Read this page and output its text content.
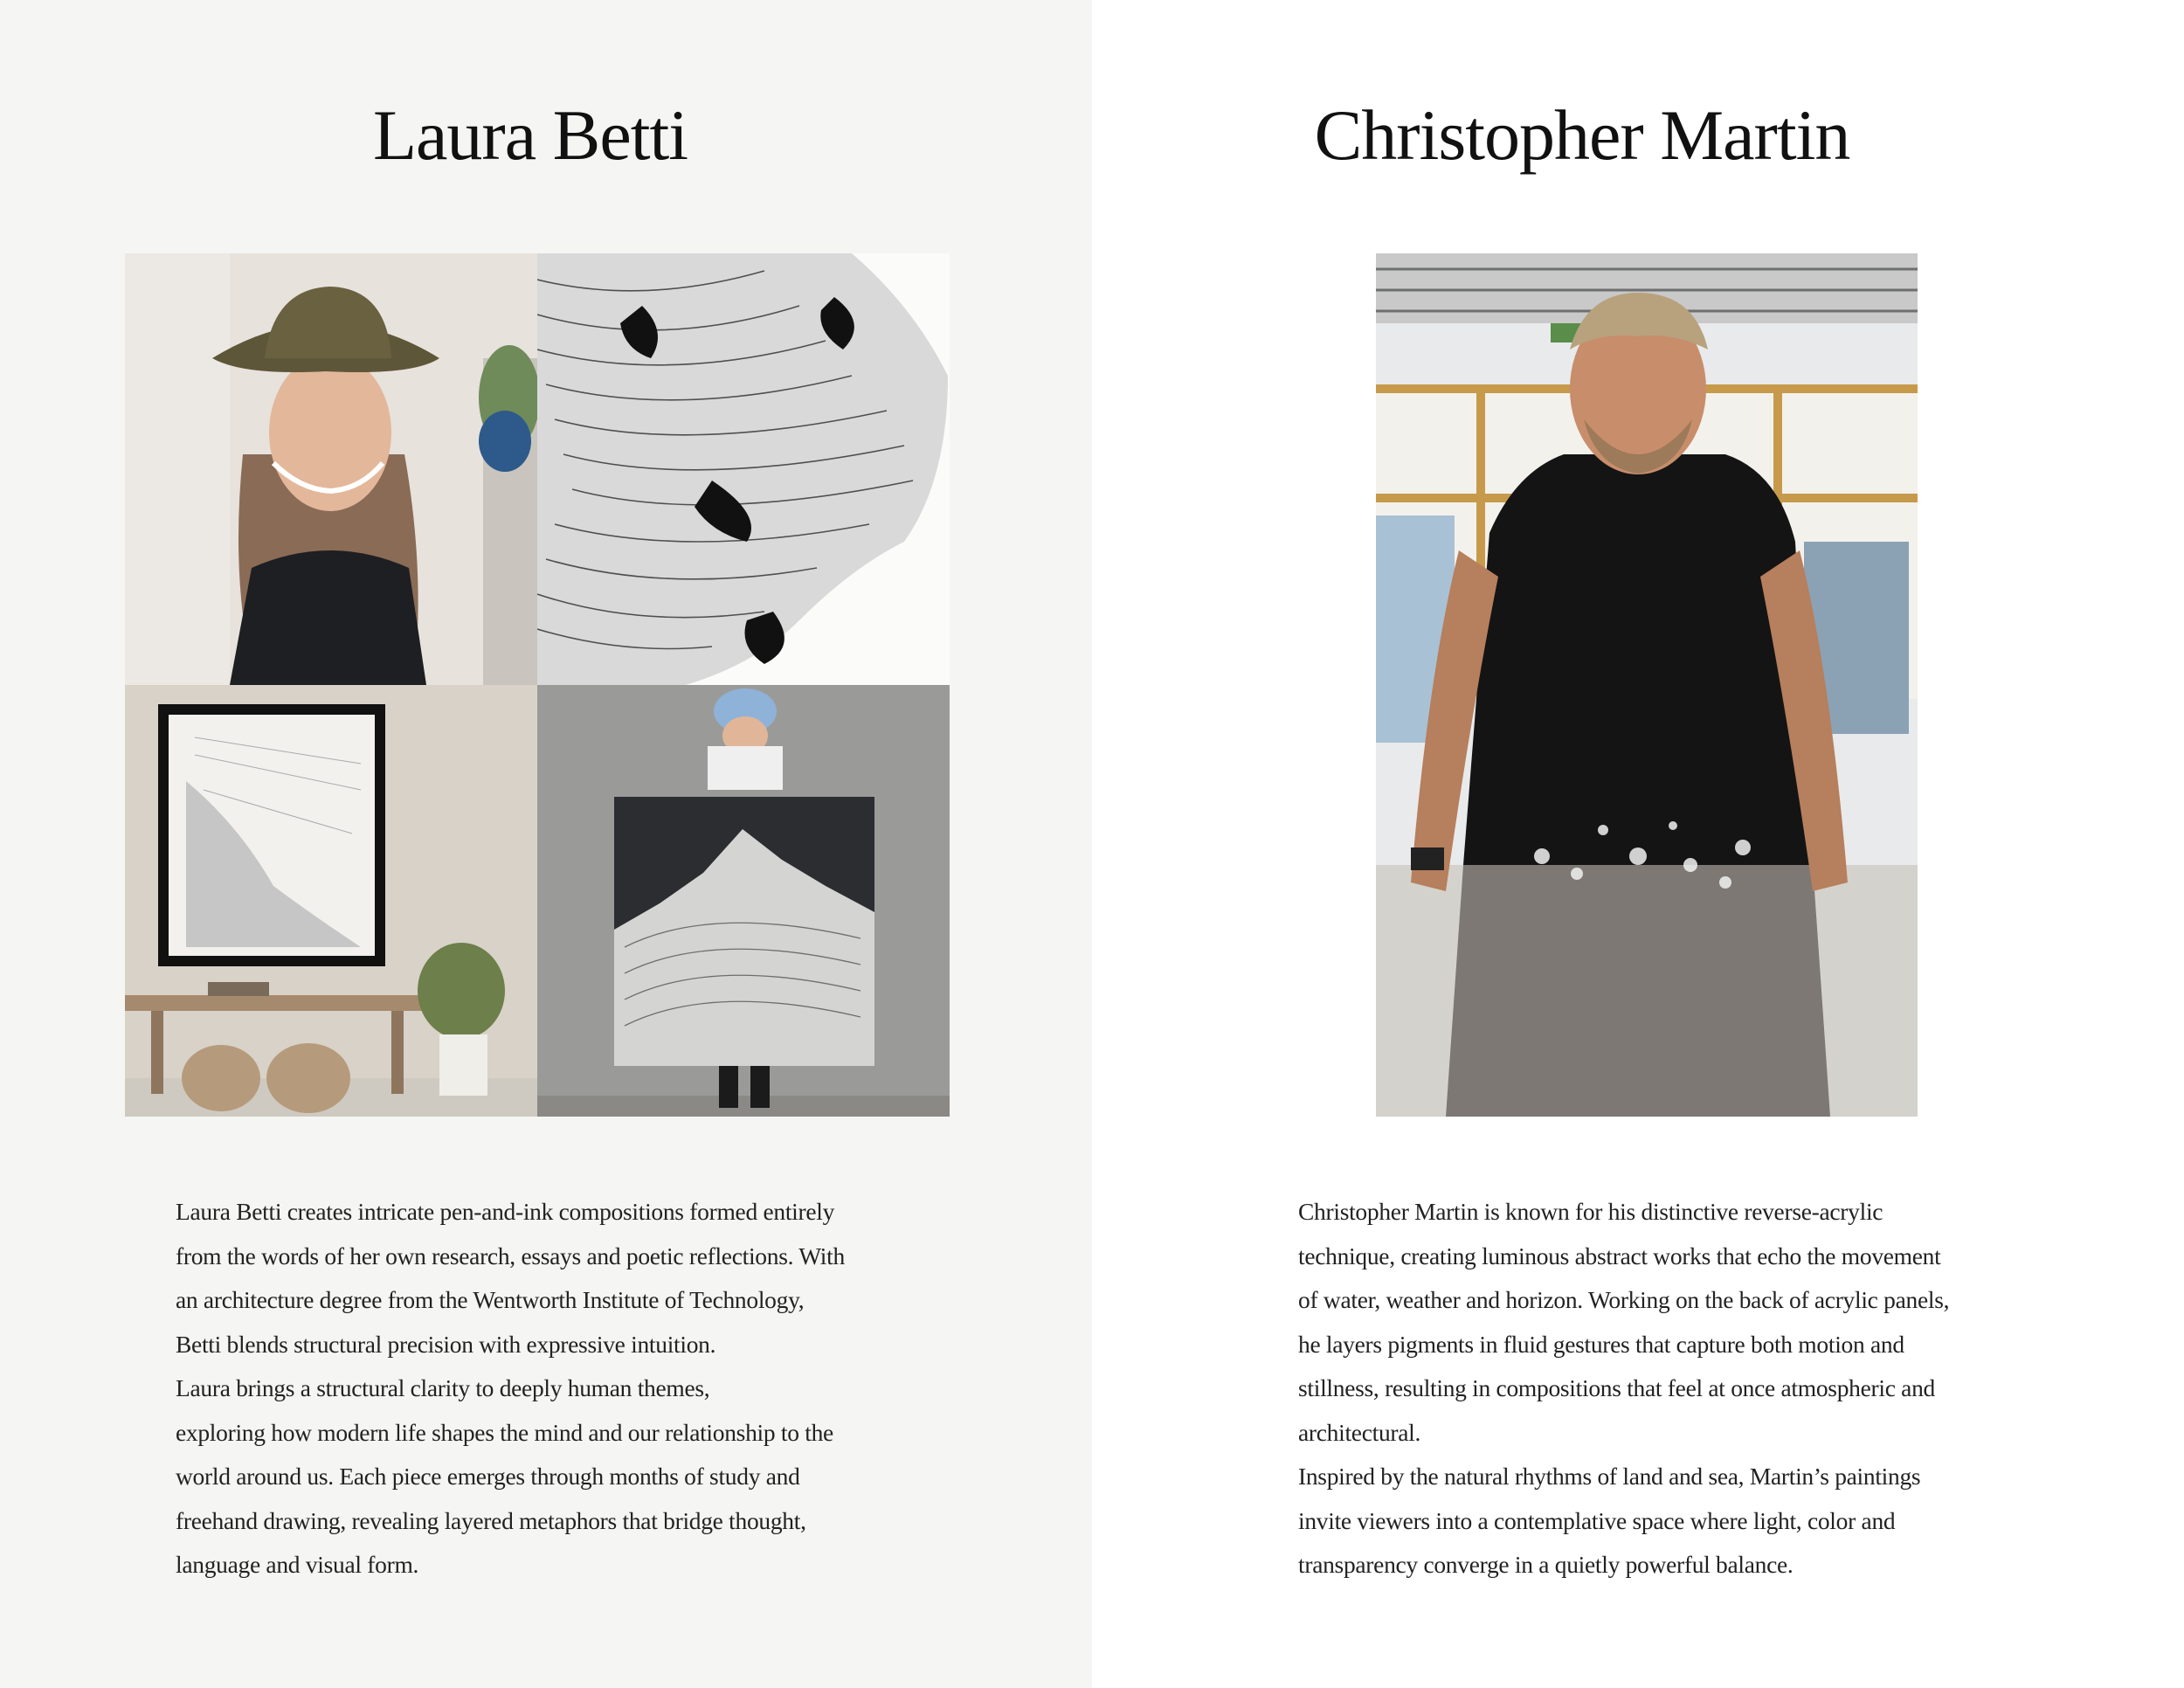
Laura Betti

Laura Betti creates intricate pen-and-ink compositions formed entirely

from the words of her own research, essays and poetic reflections. With

an architecture degree from the Wentworth Institute of Technology,

Betti blends structural precision with expressive intuition.

Laura brings a structural clarity to deeply human themes,

exploring how modern life shapes the mind and our relationship to the

world around us. Each piece emerges through months of study and

freehand drawing, revealing layered metaphors that bridge thought,

language and visual form.

Christopher Martin

Christopher Martin is known for his distinctive reverse-acrylic

technique, creating luminous abstract works that echo the movement

of water, weather and horizon. Working on the back of acrylic panels,

he layers pigments in fluid gestures that capture both motion and

stillness, resulting in compositions that feel at once atmospheric and

architectural.

Inspired by the natural rhythms of land and sea, Martin’s paintings

invite viewers into a contemplative space where light, color and

transparency converge in a quietly powerful balance.
